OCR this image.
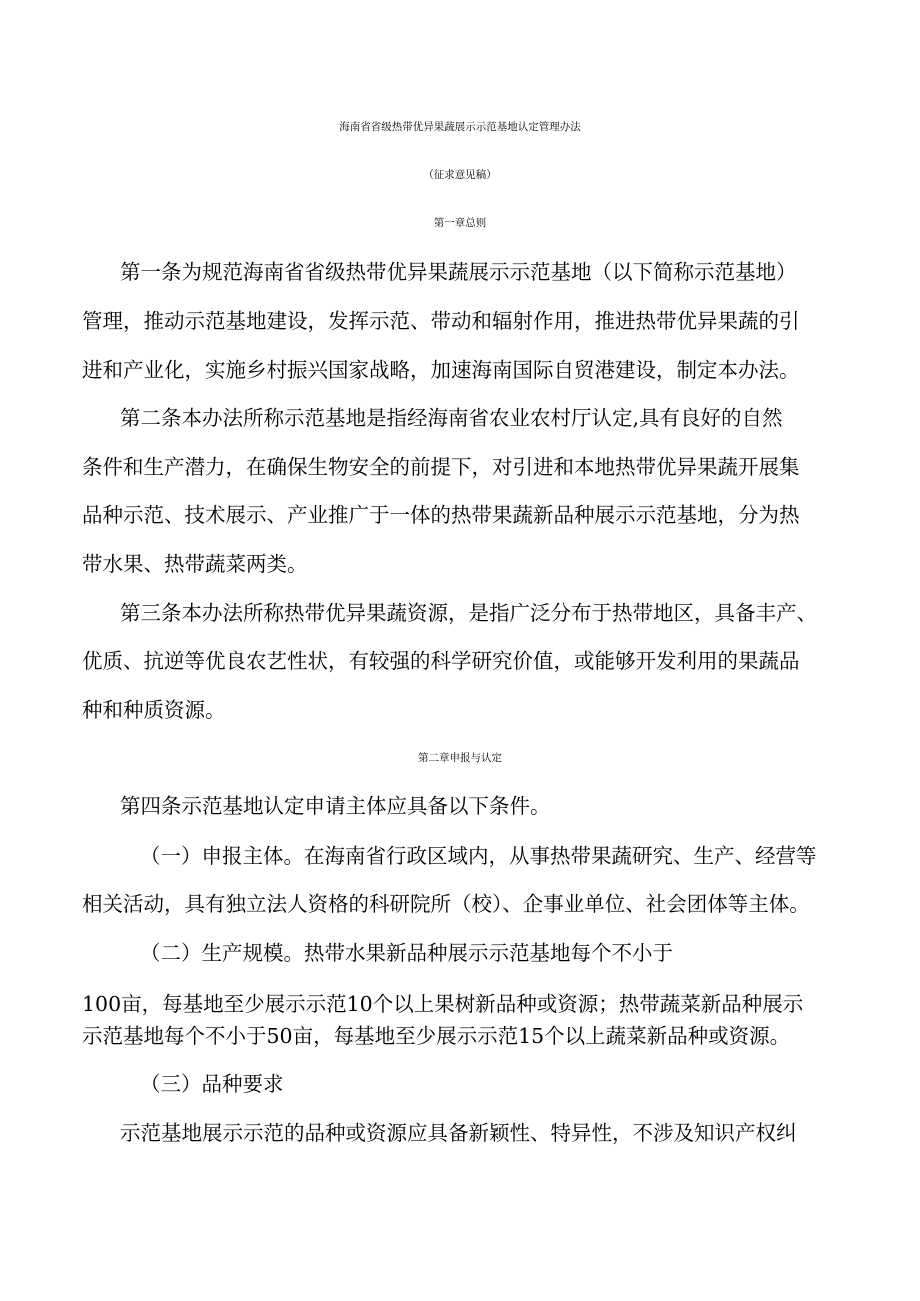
海南省省级热带优异果蔬展示示范基地认定管理办法
（征求意见稿）
第一章总则
第一条为规范海南省省级热带优异果蔬展示示范基地（以下简称示范基地）
管理，推动示范基地建设，发挥示范、带动和辐射作用，推进热带优异果蔬的引
进和产业化，实施乡村振兴国家战略，加速海南国际自贸港建设，制定本办法。
第二条本办法所称示范基地是指经海南省农业农村厅认定,具有良好的自然
条件和生产潜力，在确保生物安全的前提下，对引进和本地热带优异果蔬开展集
品种示范、技术展示、产业推广于一体的热带果蔬新品种展示示范基地，分为热
带水果、热带蔬菜两类。
第三条本办法所称热带优异果蔬资源，是指广泛分布于热带地区，具备丰产、
优质、抗逆等优良农艺性状，有较强的科学研究价值，或能够开发利用的果蔬品
种和种质资源。
第二章申报与认定
第四条示范基地认定申请主体应具备以下条件。
（一）申报主体。在海南省行政区域内，从事热带果蔬研究、生产、经营等
相关活动，具有独立法人资格的科研院所（校）、企事业单位、社会团体等主体。
（二）生产规模。热带水果新品种展示示范基地每个不小于
100亩，每基地至少展示示范10个以上果树新品种或资源；热带蔬菜新品种展示
示范基地每个不小于50亩，每基地至少展示示范15个以上蔬菜新品种或资源。
（三）品种要求
示范基地展示示范的品种或资源应具备新颖性、特异性，不涉及知识产权纠
